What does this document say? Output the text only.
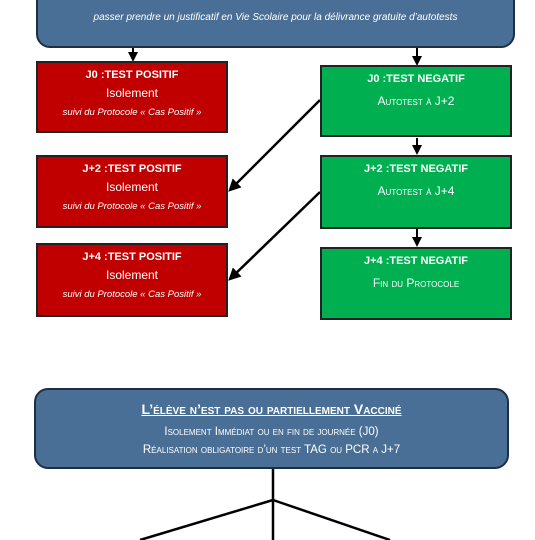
passer prendre un justificatif en Vie Scolaire pour la délivrance gratuite d’autotests
J0 :TEST POSITIF
Isolement
suivi du Protocole « Cas Positif »
J+2 :TEST POSITIF
Isolement
suivi du Protocole « Cas Positif »
J+4 :TEST POSITIF
Isolement
suivi du Protocole « Cas Positif »
J0 :TEST NEGATIF
Autotest à J+2
J+2 :TEST NEGATIF
Autotest à J+4
J+4 :TEST NEGATIF
Fin du Protocole
L’élève n’est pas ou partiellement Vacciné
Isolement Immédiat ou en fin de journée (J0)
Réalisation obligatoire d’un test TAG ou PCR a J+7
